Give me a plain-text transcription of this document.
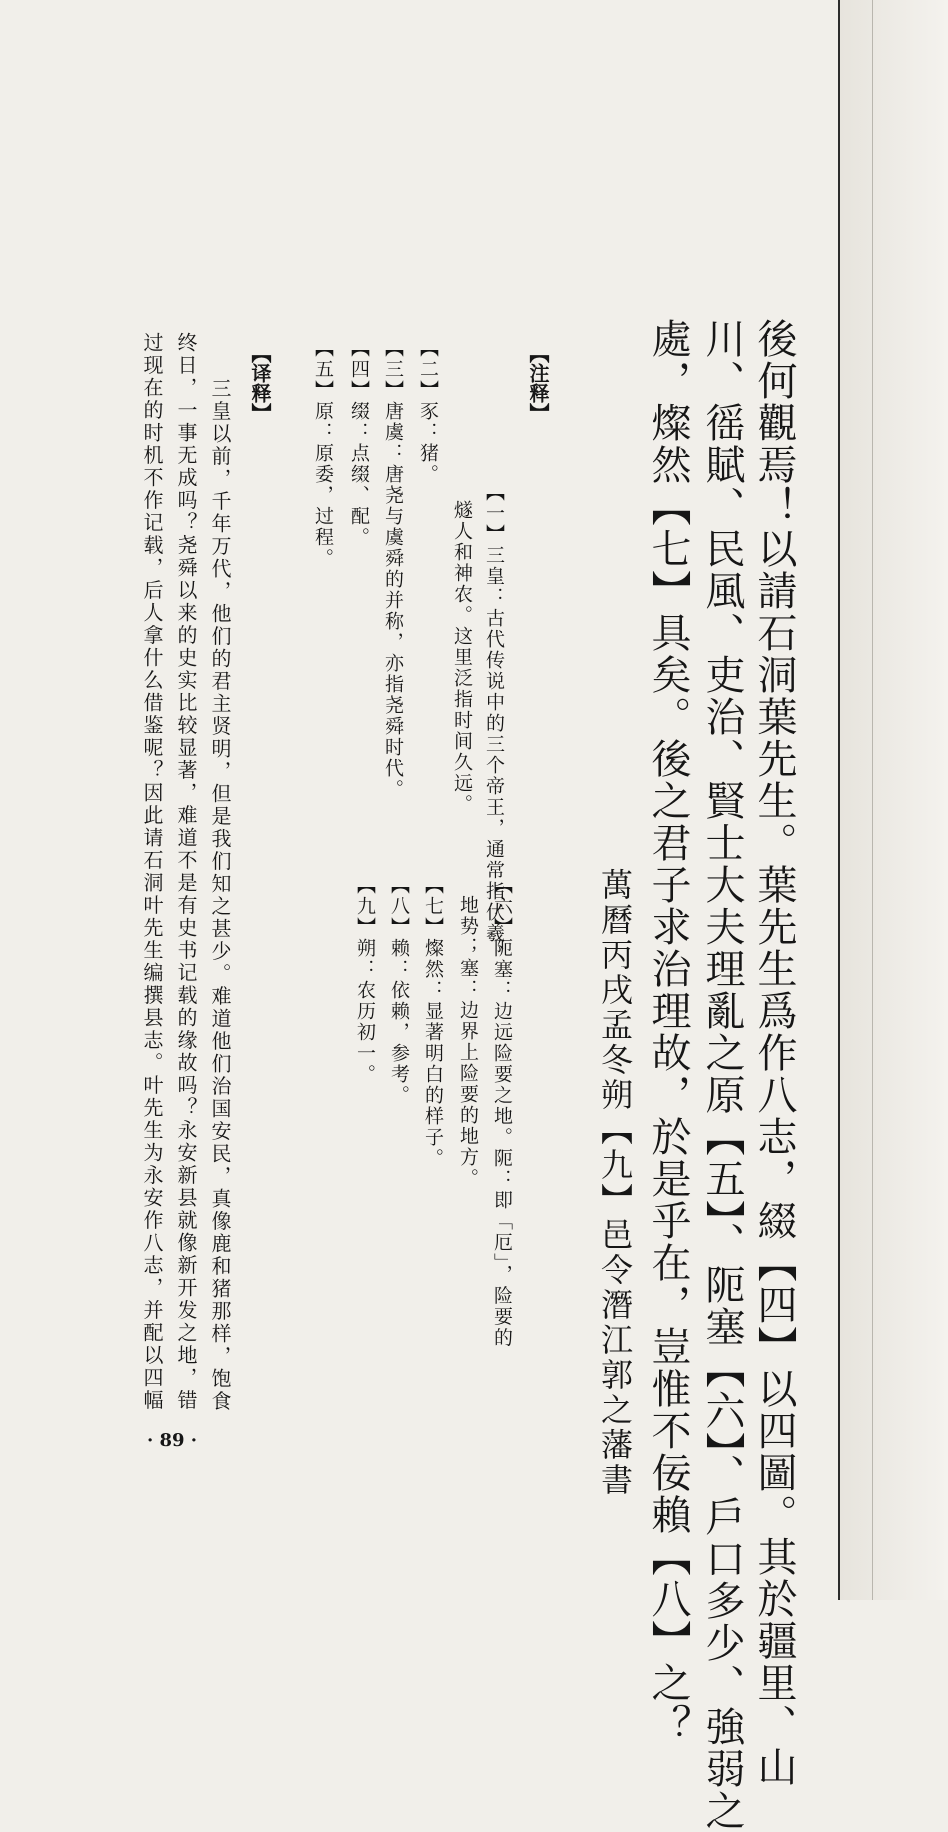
後何觀焉！以請石洞葉先生。葉先生爲作八志，綴【四】以四圖。其於疆里、山
川、徭賦、民風、吏治、賢士大夫理亂之原【五】、阨塞【六】、戶口多少、強弱之
處，燦然【七】具矣。後之君子求治理故，於是乎在，豈惟不佞賴【八】之？
萬曆丙戌孟冬朔【九】邑令潛江郭之藩書
【注释】
【一】三皇：古代传说中的三个帝王，通常指伏羲、
燧人和神农。这里泛指时间久远。
【二】豕：猪。
【三】唐虞：唐尧与虞舜的并称，亦指尧舜时代。
【四】缀：点缀、配。
【五】原：原委，过程。
【六】阨塞：边远险要之地。阨：即「厄」，险要的
地势；塞：边界上险要的地方。
【七】燦然：显著明白的样子。
【八】赖：依赖，参考。
【九】朔：农历初一。
【译释】
三皇以前，千年万代，他们的君主贤明，但是我们知之甚少。难道他们治国安民，真像鹿和猪那样，饱食
终日，一事无成吗？尧舜以来的史实比较显著，难道不是有史书记载的缘故吗？永安新县就像新开发之地，错
过现在的时机不作记载，后人拿什么借鉴呢？因此请石洞叶先生编撰县志。叶先生为永安作八志，并配以四幅
· 89 ·
